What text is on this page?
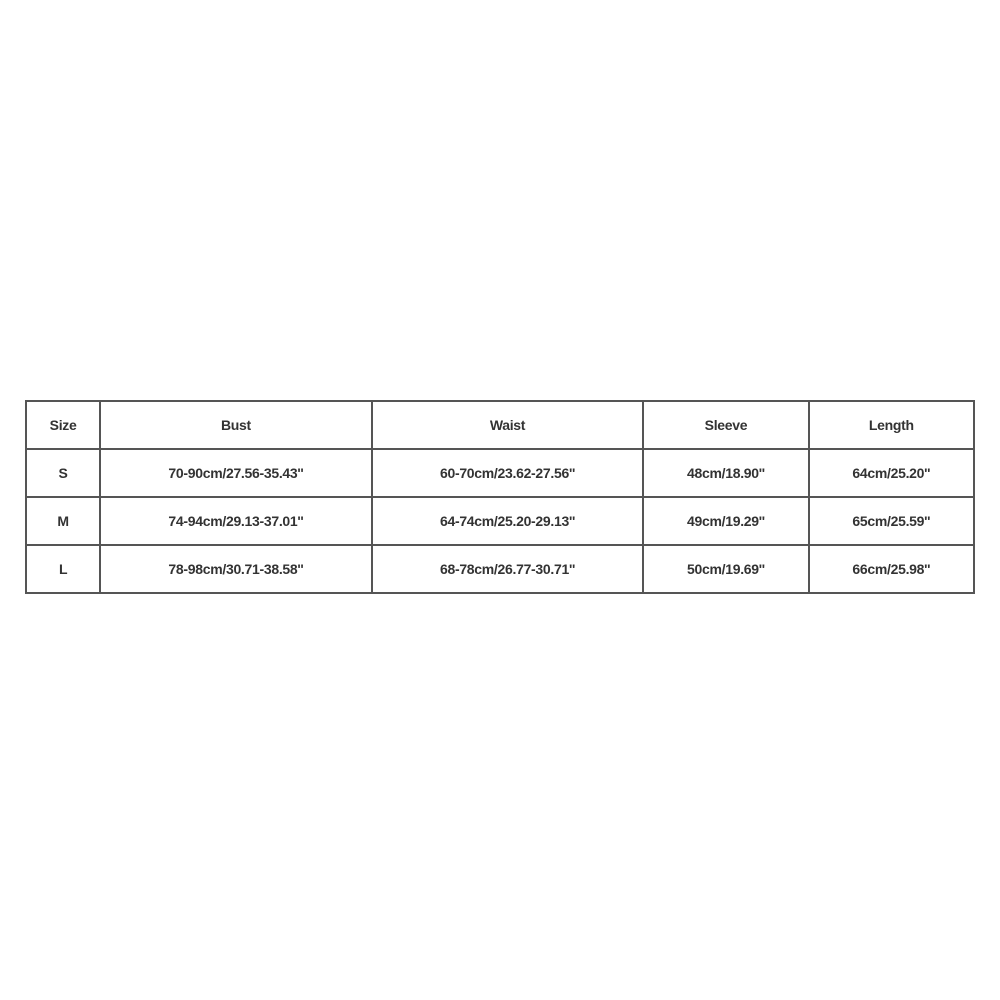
Size	Bust	Waist	Sleeve	Length
S	70-90cm/27.56-35.43''	60-70cm/23.62-27.56''	48cm/18.90''	64cm/25.20''
M	74-94cm/29.13-37.01''	64-74cm/25.20-29.13''	49cm/19.29''	65cm/25.59''
L	78-98cm/30.71-38.58''	68-78cm/26.77-30.71''	50cm/19.69''	66cm/25.98''
